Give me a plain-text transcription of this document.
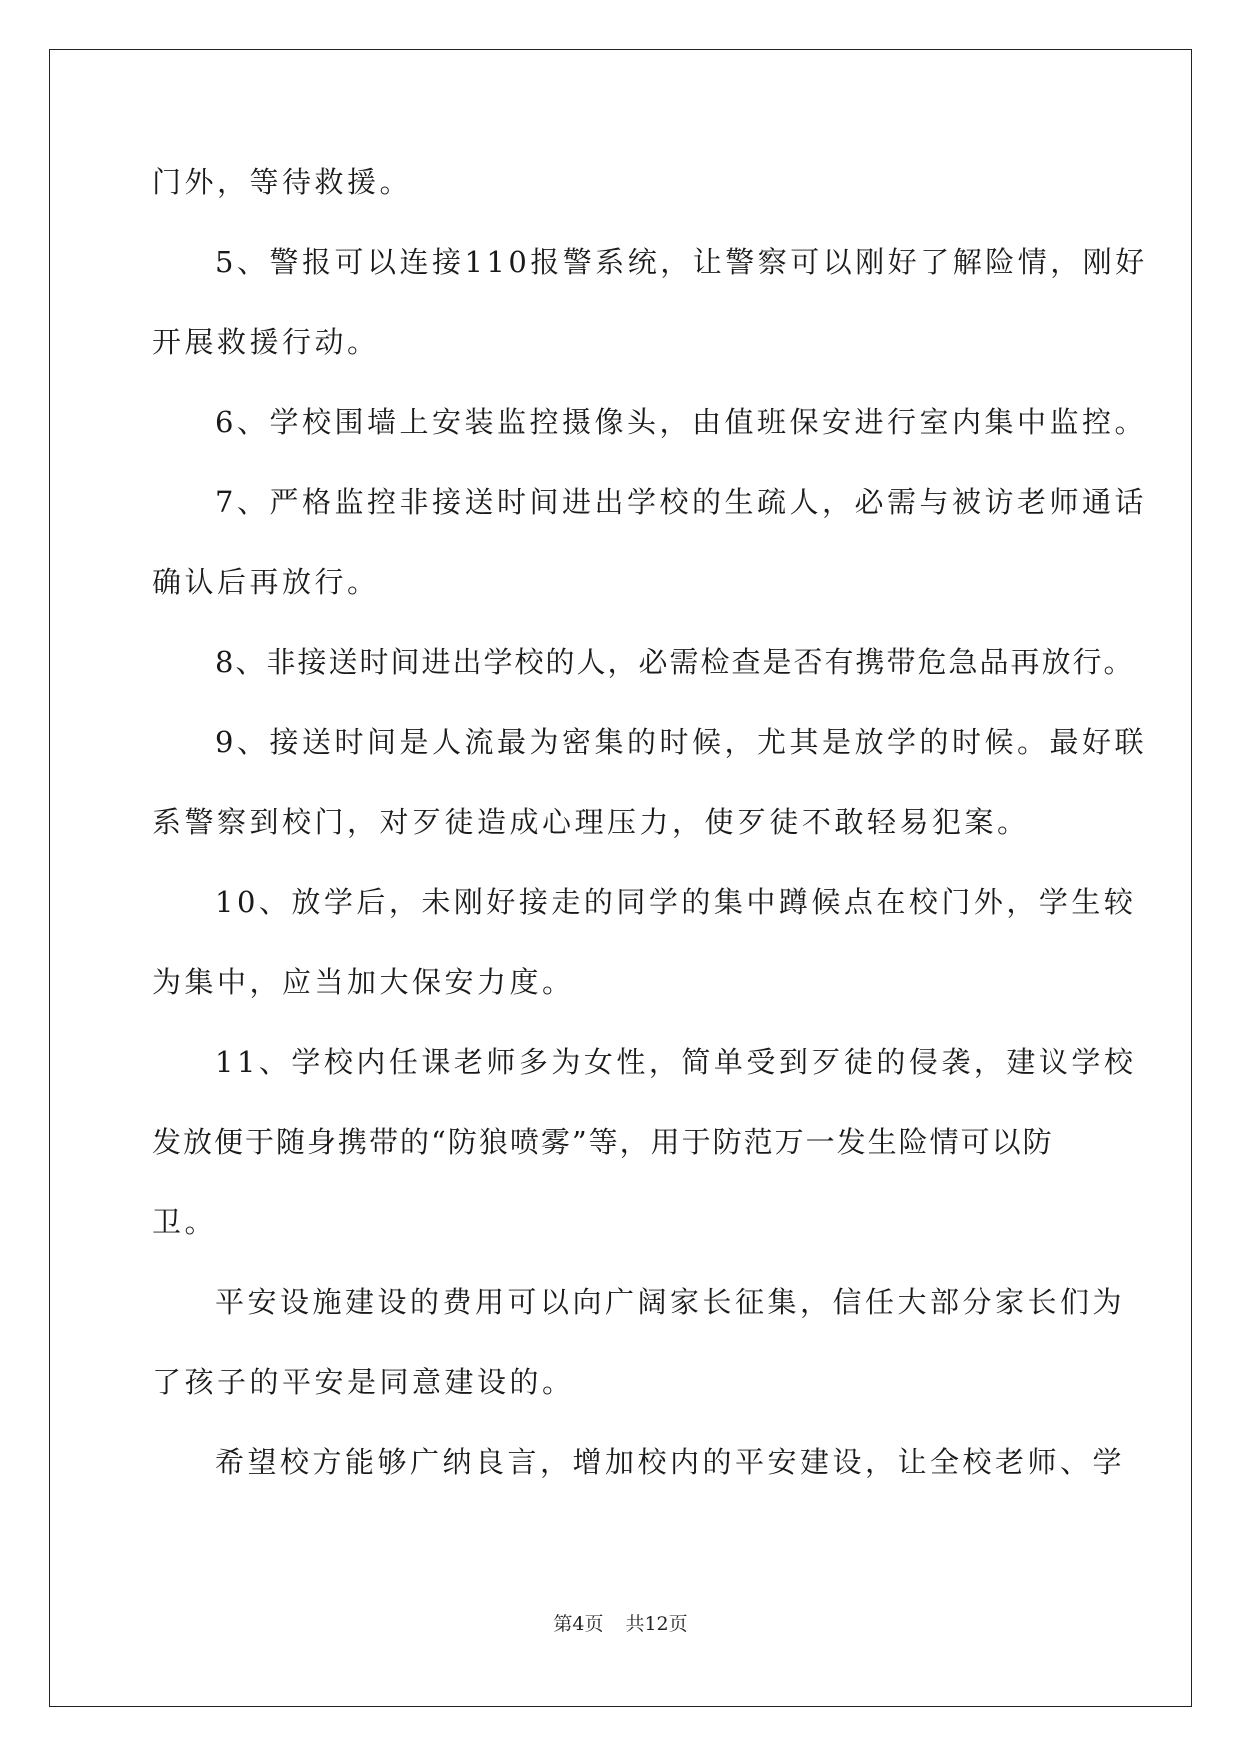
门外，等待救援。
5、警报可以连接110报警系统，让警察可以刚好了解险情，刚好
开展救援行动。
6、学校围墙上安装监控摄像头，由值班保安进行室内集中监控。
7、严格监控非接送时间进出学校的生疏人，必需与被访老师通话
确认后再放行。
8、非接送时间进出学校的人，必需检查是否有携带危急品再放行。
9、接送时间是人流最为密集的时候，尤其是放学的时候。最好联
系警察到校门，对歹徒造成心理压力，使歹徒不敢轻易犯案。
10、放学后，未刚好接走的同学的集中蹲候点在校门外，学生较
为集中，应当加大保安力度。
11、学校内任课老师多为女性，简单受到歹徒的侵袭，建议学校
发放便于随身携带的“防狼喷雾”等，用于防范万一发生险情可以防
卫。
平安设施建设的费用可以向广阔家长征集，信任大部分家长们为
了孩子的平安是同意建设的。
希望校方能够广纳良言，增加校内的平安建设，让全校老师、学
第4页 共12页
